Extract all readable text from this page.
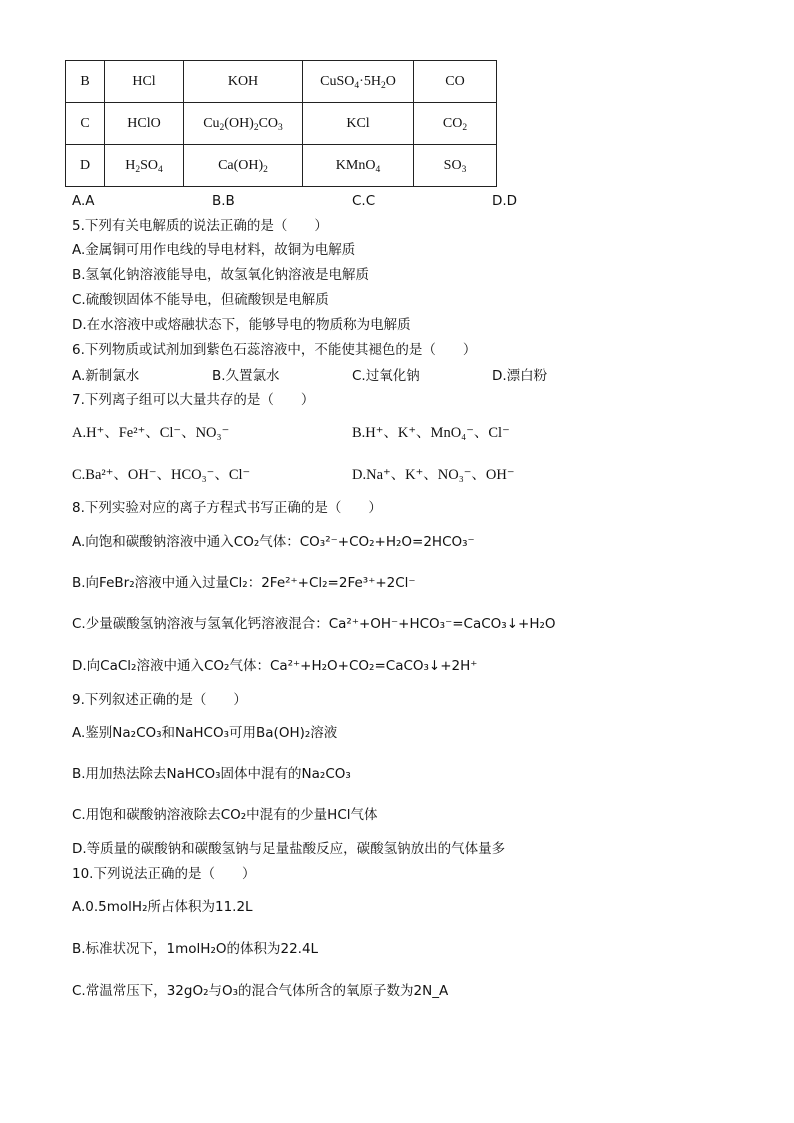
B	HCl	KOH	$CuSO_4\cdot 5H_2O$	CO
C	HClO	$Cu_2(OH)_2CO_3$	KCl	$CO_2$
D	$H_2SO_4$	$Ca(OH)_2$	KMnO$_4$	$SO_3$
A.A	B.B	C.C	D.D
5.下列有关电解质的说法正确的是（　　）
A.金属铜可用作电线的导电材料，故铜为电解质
B.氢氧化钠溶液能导电，故氢氧化钠溶液是电解质
C.硫酸钡固体不能导电，但硫酸钡是电解质
D.在水溶液中或熔融状态下，能够导电的物质称为电解质
6.下列物质或试剂加到紫色石蕊溶液中，不能使其褪色的是（　　）
A.新制氯水	B.久置氯水	C.过氧化钠	D.漂白粉
7.下列离子组可以大量共存的是（　　）
A.H⁺、Fe²⁺、Cl⁻、NO₃⁻	B.H⁺、K⁺、MnO₄⁻、Cl⁻
C.Ba²⁺、OH⁻、HCO₃⁻、Cl⁻	D.Na⁺、K⁺、NO₃⁻、OH⁻
8.下列实验对应的离子方程式书写正确的是（　　）
A.向饱和碳酸钠溶液中通入CO₂气体：CO₃²⁻+CO₂+H₂O=2HCO₃⁻
B.向FeBr₂溶液中通入过量Cl₂：2Fe²⁺+Cl₂=2Fe³⁺+2Cl⁻
C.少量碳酸氢钠溶液与氢氧化钙溶液混合：Ca²⁺+OH⁻+HCO₃⁻=CaCO₃↓+H₂O
D.向CaCl₂溶液中通入CO₂气体：Ca²⁺+H₂O+CO₂=CaCO₃↓+2H⁺
9.下列叙述正确的是（　　）
A.鉴别Na₂CO₃和NaHCO₃可用Ba(OH)₂溶液
B.用加热法除去NaHCO₃固体中混有的Na₂CO₃
C.用饱和碳酸钠溶液除去CO₂中混有的少量HCl气体
D.等质量的碳酸钠和碳酸氢钠与足量盐酸反应，碳酸氢钠放出的气体量多
10.下列说法正确的是（　　）
A.0.5molH₂所占体积为11.2L
B.标准状况下，1molH₂O的体积为22.4L
C.常温常压下，32gO₂与O₃的混合气体所含的氧原子数为2N_A
